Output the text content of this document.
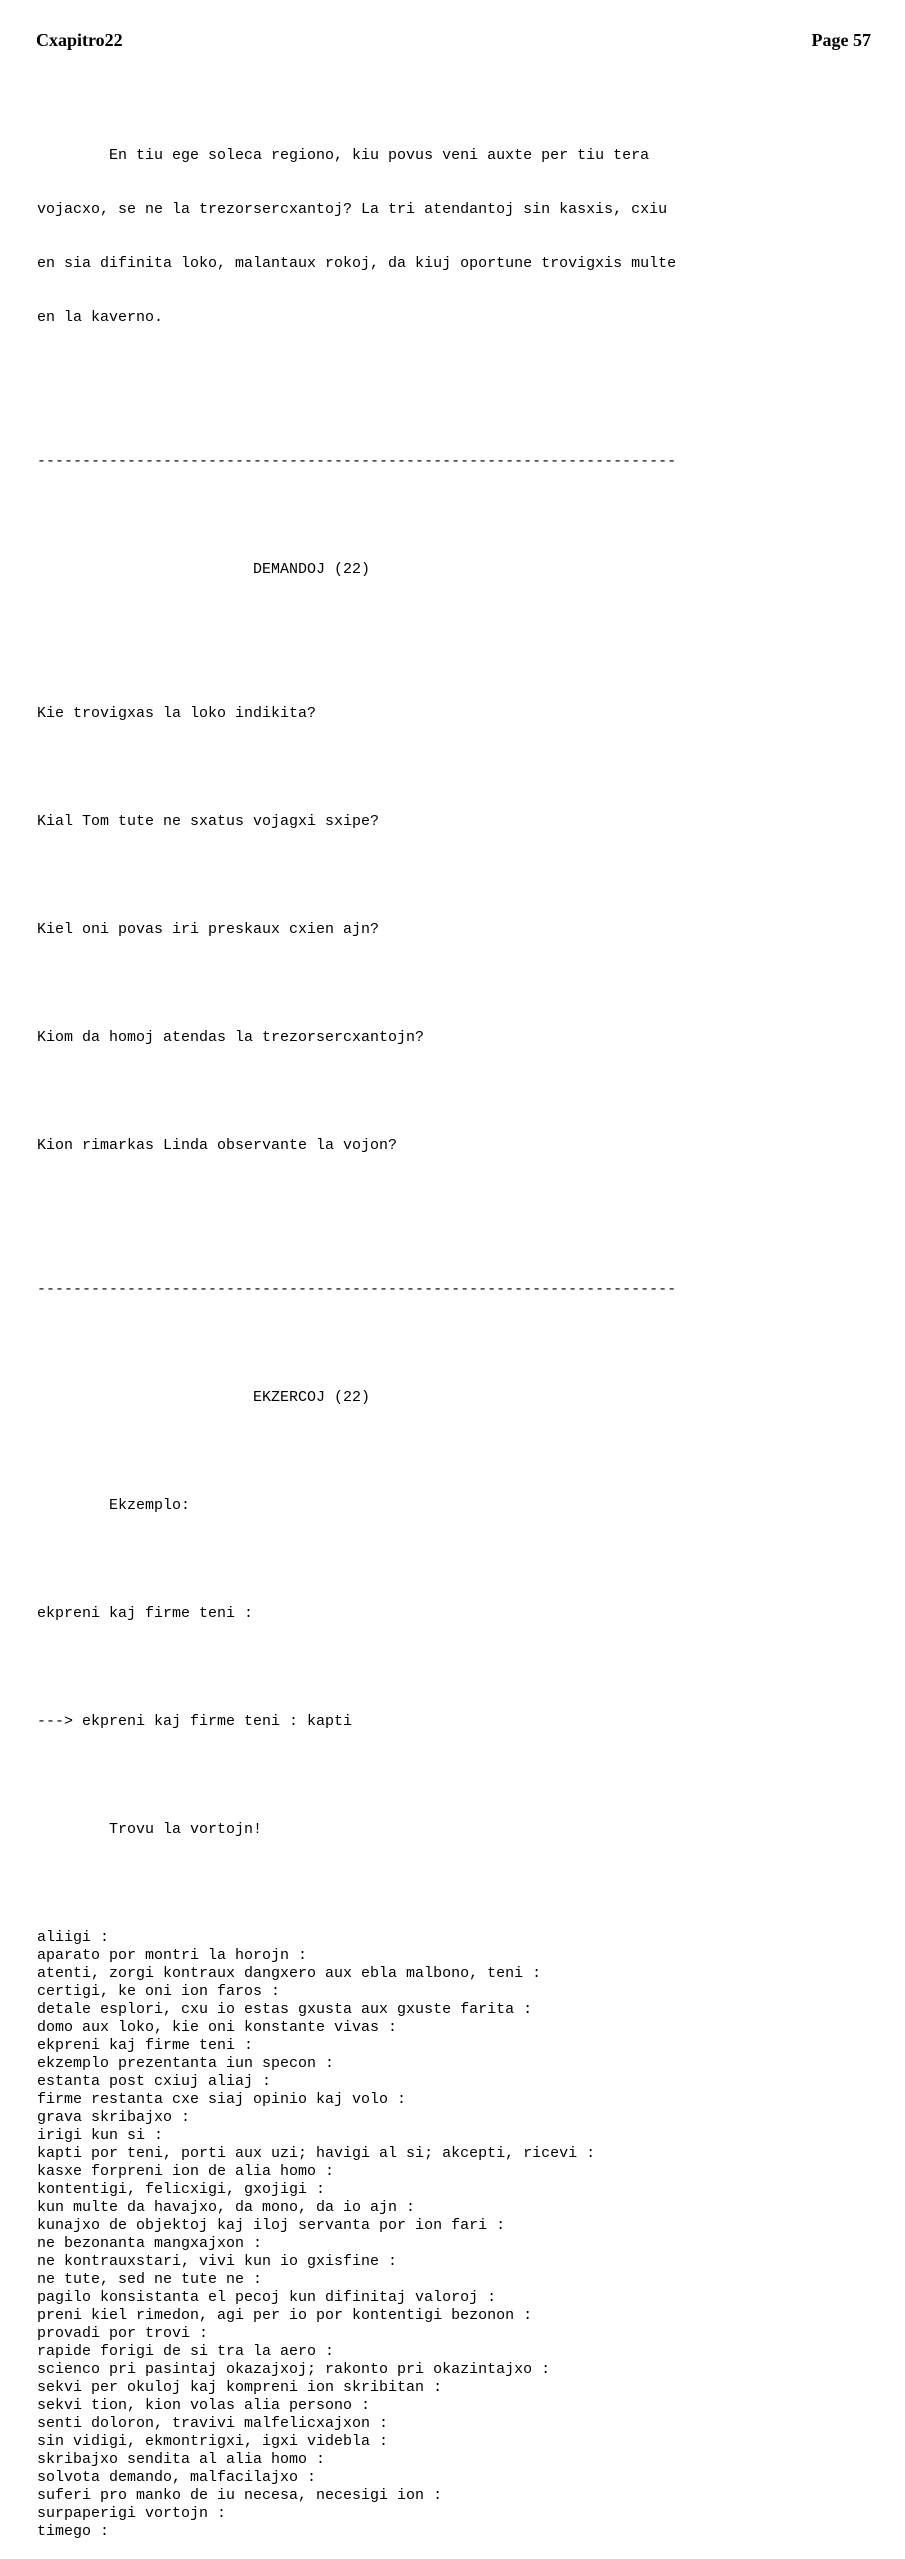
Cxapitro22	Page 57

En tiu ege soleca regiono, kiu povus veni auxte per tiu tera

vojacxo, se ne la trezorsercxantoj? La tri atendantoj sin kasxis, cxiu

en sia difinita loko, malantaux rokoj, da kiuj oportune trovigxis multe

en la kaverno.

-----------------------------------------------------------------------

DEMANDOJ (22)

Kie trovigxas la loko indikita?

Kial Tom tute ne sxatus vojagxi sxipe?

Kiel oni povas iri preskaux cxien ajn?

Kiom da homoj atendas la trezorsercxantojn?

Kion rimarkas Linda observante la vojon?

-----------------------------------------------------------------------

EKZERCOJ (22)

Ekzemplo:

ekpreni kaj firme teni :

---> ekpreni kaj firme teni : kapti

Trovu la vortojn!

aliigi :
aparato por montri la horojn :
atenti, zorgi kontraux dangxero aux ebla malbono, teni :
certigi, ke oni ion faros :
detale esplori, cxu io estas gxusta aux gxuste farita :
domo aux loko, kie oni konstante vivas :
ekpreni kaj firme teni :
ekzemplo prezentanta iun specon :
estanta post cxiuj aliaj :
firme restanta cxe siaj opinio kaj volo :
grava skribajxo :
irigi kun si :
kapti por teni, porti aux uzi; havigi al si; akcepti, ricevi :
kasxe forpreni ion de alia homo :
kontentigi, felicxigi, gxojigi :
kun multe da havajxo, da mono, da io ajn :
kunajxo de objektoj kaj iloj servanta por ion fari :
ne bezonanta mangxajxon :
ne kontrauxstari, vivi kun io gxisfine :
ne tute, sed ne tute ne :
pagilo konsistanta el pecoj kun difinitaj valoroj :
preni kiel rimedon, agi per io por kontentigi bezonon :
provadi por trovi :
rapide forigi de si tra la aero :
scienco pri pasintaj okazajxoj; rakonto pri okazintajxo :
sekvi per okuloj kaj kompreni ion skribitan :
sekvi tion, kion volas alia persono :
senti doloron, travivi malfelicxajxon :
sin vidigi, ekmontrigxi, igxi videbla :
skribajxo sendita al alia homo :
solvota demando, malfacilajxo :
suferi pro manko de iu necesa, necesigi ion :
surpaperigi vortojn :
timego :
